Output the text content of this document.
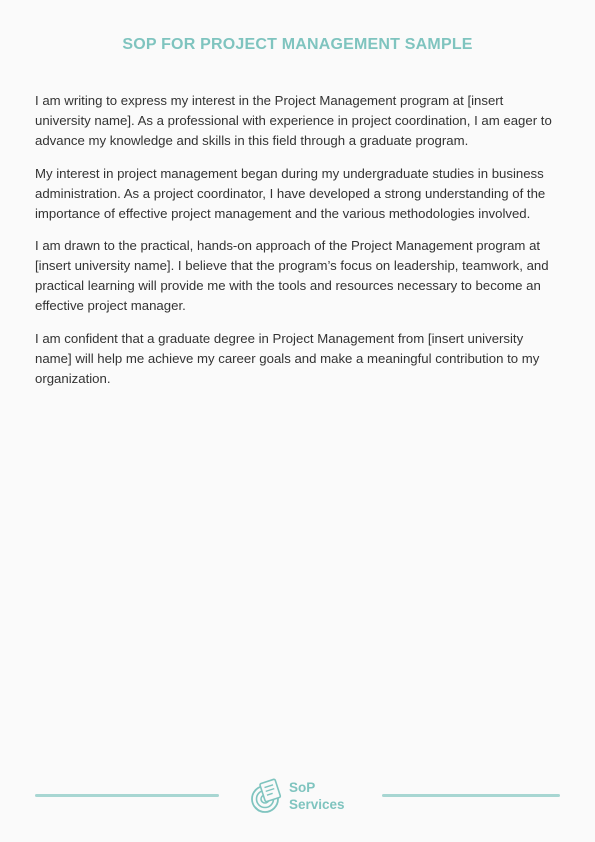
SOP FOR PROJECT MANAGEMENT SAMPLE

I am writing to express my interest in the Project Management program at [insert university name]. As a professional with experience in project coordination, I am eager to advance my knowledge and skills in this field through a graduate program.

My interest in project management began during my undergraduate studies in business administration. As a project coordinator, I have developed a strong understanding of the importance of effective project management and the various methodologies involved.

I am drawn to the practical, hands-on approach of the Project Management program at [insert university name]. I believe that the program’s focus on leadership, teamwork, and practical learning will provide me with the tools and resources necessary to become an effective project manager.

I am confident that a graduate degree in Project Management from [insert university name] will help me achieve my career goals and make a meaningful contribution to my organization.

SoP
Services
